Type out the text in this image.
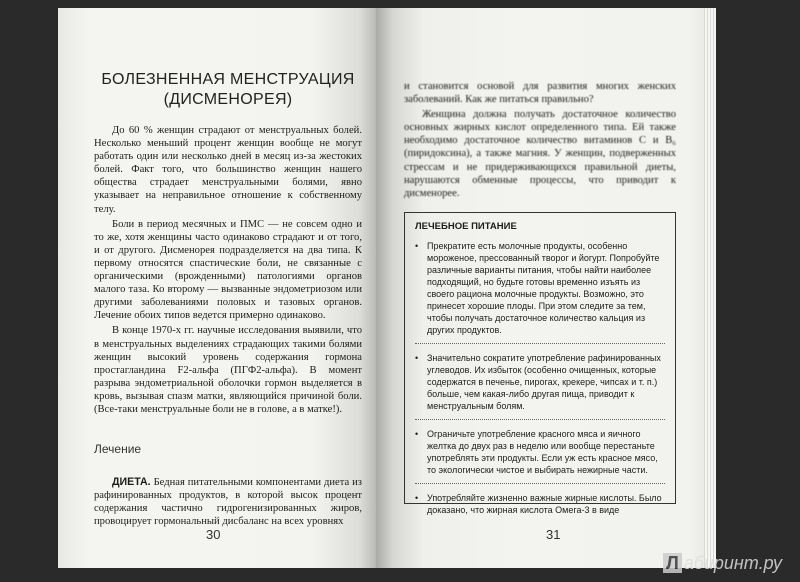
БОЛЕЗНЕННАЯ МЕНСТРУАЦИЯ
(ДИСМЕНОРЕЯ)

До 60 % женщин страдают от менструальных болей. Несколько меньший процент женщин вообще не могут работать один или несколько дней в месяц из-за жестоких болей. Факт того, что большинство женщин нашего общества страдает менструальными болями, явно указывает на неправильное отношение к собственному телу.

Боли в период месячных и ПМС — не совсем одно и то же, хотя женщины часто одинаково страдают и от того, и от другого. Дисменорея подразделяется на два типа. К первому относятся спастические боли, не связанные с органическими (врожденными) патологиями органов малого таза. Ко второму — вызванные эндометриозом или другими заболеваниями половых и тазовых органов. Лечение обоих типов ведется примерно одинаково.

В конце 1970-х гг. научные исследования выявили, что в менструальных выделениях страдающих такими болями женщин высокий уровень содержания гормона простагландина F2-альфа (ПГФ2-альфа). В момент разрыва эндометриальной оболочки гормон выделяется в кровь, вызывая спазм матки, являющийся причиной боли. (Все-таки менструальные боли не в голове, а в матке!).

Лечение

ДИЕТА. Бедная питательными компонентами диета из рафинированных продуктов, в которой высок процент содержания частично гидрогенизированных жиров, провоцирует гормональный дисбаланс на всех уровнях

30

и становится основой для развития многих женских заболеваний. Как же питаться правильно?

Женщина должна получать достаточное количество основных жирных кислот определенного типа. Ей также необходимо достаточное количество витаминов С и В₆ (пиридоксина), а также магния. У женщин, подверженных стрессам и не придерживающихся правильной диеты, нарушаются обменные процессы, что приводит к дисменорее.

ЛЕЧЕБНОЕ ПИТАНИЕ
• Прекратите есть молочные продукты, особенно мороженое, прессованный творог и йогурт. Попробуйте различные варианты питания, чтобы найти наиболее подходящий, но будьте готовы временно изъять из своего рациона молочные продукты. Возможно, это принесет хорошие плоды. При этом следите за тем, чтобы получать достаточное количество кальция из других продуктов.
• Значительно сократите употребление рафинированных углеводов. Их избыток (особенно очищенных, которые содержатся в печенье, пирогах, крекере, чипсах и т. п.) больше, чем какая-либо другая пища, приводит к менструальным болям.
• Ограничьте употребление красного мяса и яичного желтка до двух раз в неделю или вообще перестаньте употреблять эти продукты. Если уж есть красное мясо, то экологически чистое и выбирать нежирные части.
• Употребляйте жизненно важные жирные кислоты. Было доказано, что жирная кислота Омега-3 в виде
31
Л абиринт.ру
